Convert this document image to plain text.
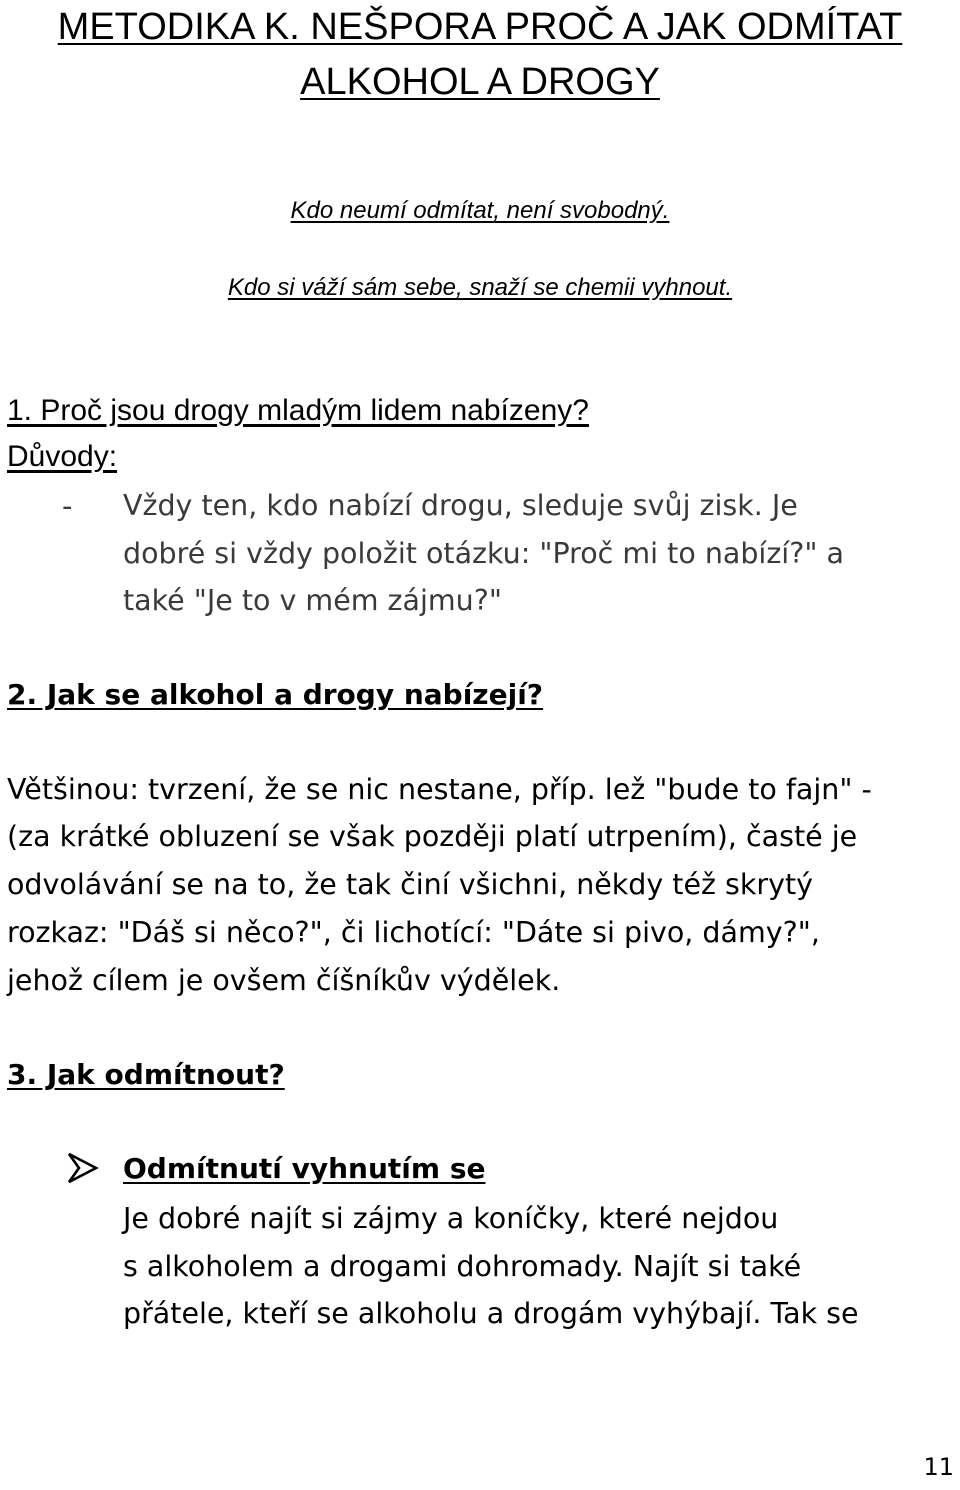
METODIKA K. NEŠPORA PROČ A JAK ODMÍTAT
ALKOHOL A DROGY
Kdo neumí odmítat, není svobodný.
Kdo si váží sám sebe, snaží se chemii vyhnout.
1. Proč jsou drogy mladým lidem nabízeny?
Důvody:
- Vždy ten, kdo nabízí drogu, sleduje svůj zisk. Je
dobré si vždy položit otázku: "Proč mi to nabízí?" a
také "Je to v mém zájmu?"
2. Jak se alkohol a drogy nabízejí?
Většinou: tvrzení, že se nic nestane, příp. lež "bude to fajn" -
(za krátké obluzení se však později platí utrpením), časté je
odvolávání se na to, že tak činí všichni, někdy též skrytý
rozkaz: "Dáš si něco?", či lichotící: "Dáte si pivo, dámy?",
jehož cílem je ovšem číšníkův výdělek.
3. Jak odmítnout?
Odmítnutí vyhnutím se
Je dobré najít si zájmy a koníčky, které nejdou
s alkoholem a drogami dohromady. Najít si také
přátele, kteří se alkoholu a drogám vyhýbají. Tak se
11
